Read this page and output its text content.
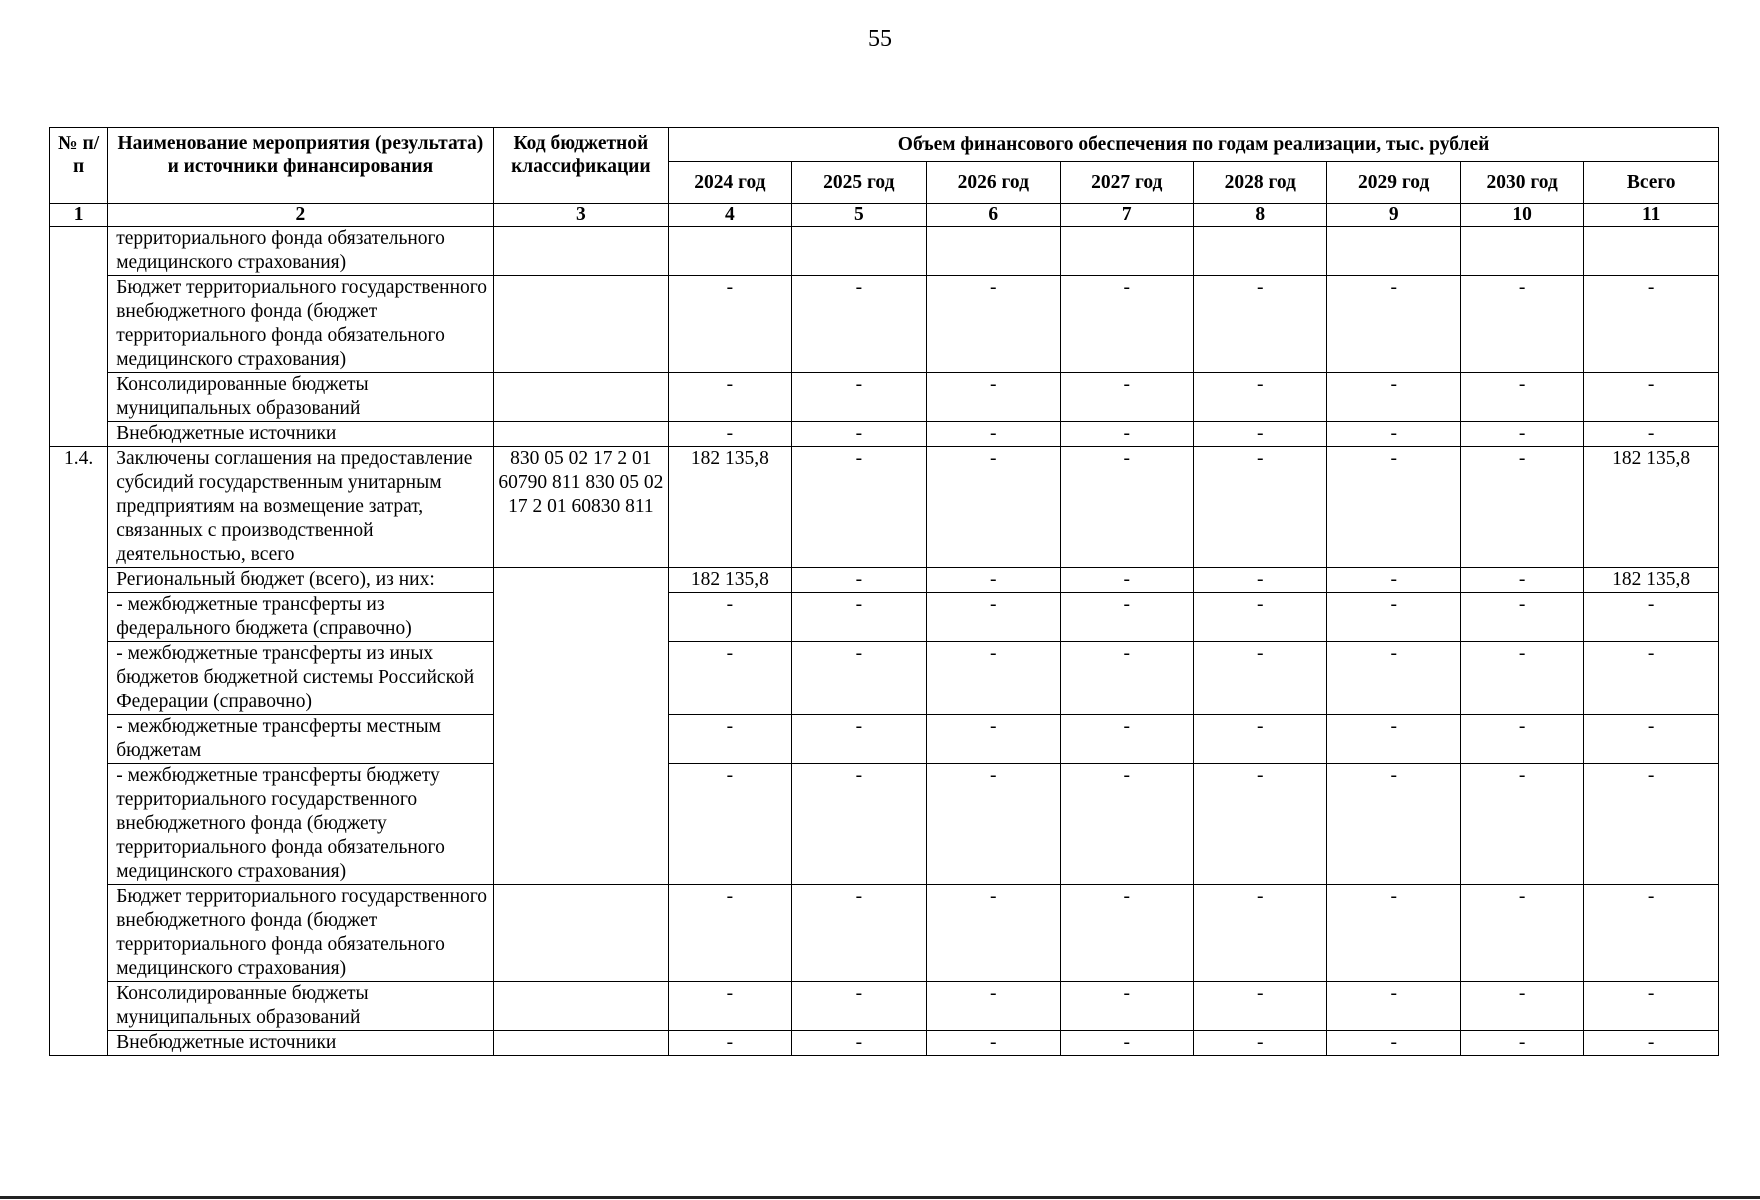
55
№ п/п	Наименование мероприятия (результата) и источники финансирования	Код бюджетной классификации	Объем финансового обеспечения по годам реализации, тыс. рублей							
			2024 год	2025 год	2026 год	2027 год	2028 год	2029 год	2030 год	Всего
1	2	3	4	5	6	7	8	9	10	11
	территориального фонда обязательного медицинского страхования)									
	Бюджет территориального государственного внебюджетного фонда (бюджет территориального фонда обязательного медицинского страхования)		-	-	-	-	-	-	-	-
	Консолидированные бюджеты муниципальных образований		-	-	-	-	-	-	-	-
	Внебюджетные источники		-	-	-	-	-	-	-	-
1.4.	Заключены соглашения на предоставление субсидий государственным унитарным предприятиям на возмещение затрат, связанных с производственной деятельностью, всего	830 05 02 17 2 01 60790 811 830 05 02 17 2 01 60830 811	182 135,8	-	-	-	-	-	-	182 135,8
	Региональный бюджет (всего), из них:		182 135,8	-	-	-	-	-	-	182 135,8
	- межбюджетные трансферты из федерального бюджета (справочно)		-	-	-	-	-	-	-	-
	- межбюджетные трансферты из иных бюджетов бюджетной системы Российской Федерации (справочно)		-	-	-	-	-	-	-	-
	- межбюджетные трансферты местным бюджетам		-	-	-	-	-	-	-	-
	- межбюджетные трансферты бюджету территориального государственного внебюджетного фонда (бюджету территориального фонда обязательного медицинского страхования)		-	-	-	-	-	-	-	-
	Бюджет территориального государственного внебюджетного фонда (бюджет территориального фонда обязательного медицинского страхования)		-	-	-	-	-	-	-	-
	Консолидированные бюджеты муниципальных образований		-	-	-	-	-	-	-	-
	Внебюджетные источники		-	-	-	-	-	-	-	-
